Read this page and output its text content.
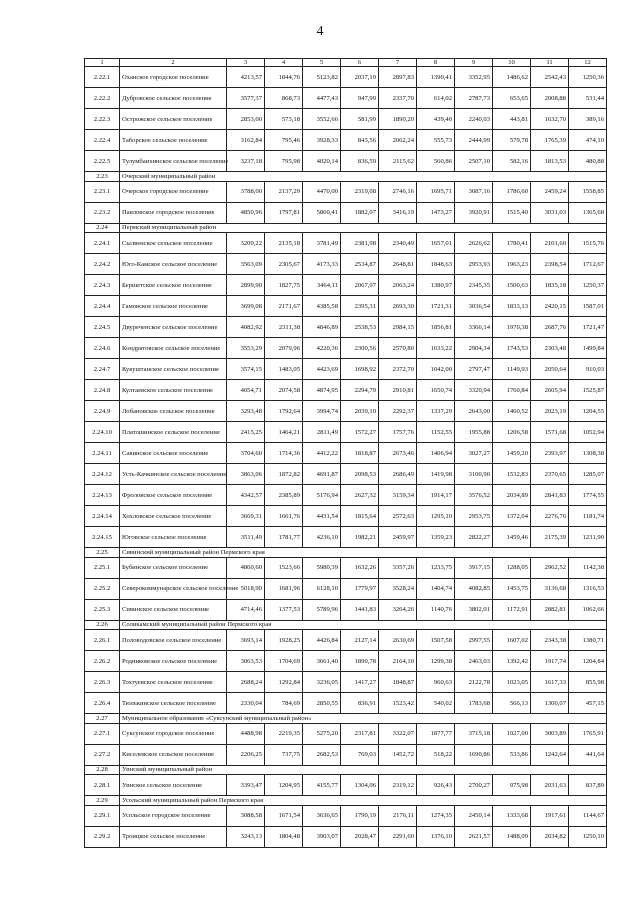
4
1	2	3	4	5	6	7	8	9	10	11	12
2.22.1	Оханское городское поселение	4213,57	1844,76	5123,82	2037,19	2897,83	1390,41	3352,95	1486,62	2542,43	1250,36
2.22.2	Дубровское сельское поселение	3577,37	868,73	4477,43	947,99	2337,70	614,02	2787,73	653,65	2008,88	531,44
2.22.3	Острожское сельское поселение	2853,00	573,18	3552,66	581,99	1890,20	439,40	2240,03	443,81	1632,70	389,16
2.22.4	Таборское сельское поселение	3162,84	795,46	3928,33	843,56	2062,24	555,73	2444,99	579,78	1765,39	474,10
2.22.5	Тулумбаихинское сельское поселение	3237,18	795,98	4020,14	836,59	2115,62	560,86	2507,10	582,16	1813,53	480,88
2.23	Очерский муниципальный район										
2.23.1	Очерское городское поселение	3788,00	2137,29	4470,00	2319,08	2746,16	1695,71	3087,16	1786,60	2459,24	1558,85
2.23.2	Павловское городское поселение	4850,96	1797,81	5860,41	1882,07	3416,19	1473,27	3920,91	1515,40	3031,03	1365,68
2.24	Пермский муниципальный район										
2.24.1	Сылвенское сельское поселение	3209,22	2135,18	3781,49	2381,98	2340,49	1657,01	2626,62	1780,41	2101,60	1515,76
2.24.2	Юго-Камское сельское поселение	3563,09	2305,67	4173,33	2534,87	2648,81	1848,63	2953,93	1963,23	2398,54	1712,67
2.24.3	Бершетское сельское поселение	2899,90	1827,75	3464,11	2067,07	2063,24	1380,97	2345,35	1500,63	1835,18	1250,37
2.24.4	Гамовское сельское поселение	3699,08	2171,67	4385,58	2395,31	2693,30	1721,31	3036,54	1833,13	2420,15	1587,01
2.24.5	Двуреченское сельское поселение	4082,92	2311,38	4846,89	2538,53	2984,15	1856,81	3366,14	1970,38	2687,76	1721,47
2.24.6	Кондратовское сельское поселение	3553,29	2079,96	4220,36	2300,56	2570,80	1633,22	2904,34	1743,53	2303,48	1499,84
2.24.7	Кукуштанское сельское поселение	3574,15	1483,05	4423,69	1698,92	2372,70	1042,00	2797,47	1149,93	2050,64	910,03
2.24.8	Култаевское сельское поселение	4054,71	2074,58	4874,95	2294,79	2910,81	1650,74	3320,94	1760,84	2605,94	1525,87
2.24.9	Лобановское сельское поселение	3293,48	1792,64	3994,74	2039,10	2292,37	1337,29	2643,00	1460,52	2023,19	1204,55
2.24.10	Платошинское сельское поселение	2415,25	1464,21	2811,49	1572,27	1757,76	1152,55	1955,88	1206,58	1571,68	1052,94
2.24.11	Савинское сельское поселение	3704,60	1714,36	4412,22	1818,87	2673,46	1406,94	3027,27	1459,20	2393,97	1308,38
2.24.12	Усть-Качкинское сельское поселение	3863,06	1872,82	4691,87	2098,53	2686,49	1419,98	3100,90	1532,83	2370,65	1285,07
2.24.13	Фроловское сельское поселение	4342,57	2385,89	5176,94	2627,32	3159,34	1914,17	3576,52	2034,89	2841,83	1774,55
2.24.14	Хохловское сельское поселение	3669,31	1661,76	4431,54	1815,64	2572,63	1295,10	2953,75	1372,04	2276,76	1181,74
2.24.15	Юговское сельское поселение	3511,49	1781,77	4236,10	1982,21	2459,97	1359,23	2822,27	1459,46	2175,39	1231,90
2.25	Сивинский муниципальный район Пермского края										
2.25.1	Бубинское сельское поселение	4860,60	1523,66	5980,39	1632,26	3357,26	1233,75	3917,15	1288,05	2962,52	1142,38
2.25.2	Северокоммунарское сельское поселение	5018,90	1681,96	6128,10	1779,97	3528,24	1404,74	4082,85	1453,75	3136,68	1316,53
2.25.3	Сивинское сельское поселение	4714,46	1377,53	5789,96	1441,83	3264,26	1140,76	3802,01	1172,91	2882,81	1062,66
2.26	Соликамский муниципальный район Пермского края										
2.26.1	Половодовское сельское поселение	3693,14	1928,25	4426,84	2127,14	2630,69	1507,58	2997,55	1607,02	2343,38	1380,71
2.26.2	Родниковское сельское поселение	3063,53	1704,69	3661,40	1890,78	2164,10	1299,38	2463,03	1392,42	1917,74	1204,84
2.26.3	Тохтуевское сельское поселение	2688,24	1292,84	3236,05	1417,27	1848,87	960,63	2122,78	1023,05	1617,33	855,98
2.26.4	Тюлькинское сельское поселение	2330,04	784,69	2850,55	836,91	1523,42	540,02	1783,68	566,13	1300,07	457,15
2.27	Муниципальное образование «Суксунский муниципальный район»										
2.27.1	Суксунское городское поселение	4488,98	2219,35	5275,20	2317,81	3322,07	1877,77	3715,18	1927,00	3003,89	1765,91
2.27.2	Киселевское сельское поселение	2206,25	737,75	2682,53	769,03	1452,72	518,22	1690,86	533,86	1242,64	441,64
2.28	Уинский муниципальный район										
2.28.1	Уинское сельское поселение	3393,47	1204,95	4155,77	1304,06	2319,12	926,43	2700,27	975,98	2031,63	837,89
2.29	Усольский муниципальный район Пермского края										
2.29.1	Усольское городское поселение	3088,58	1671,54	3636,65	1790,19	2176,11	1274,35	2450,14	1333,68	1917,61	1144,67
2.29.2	Троицкое сельское поселение	3243,13	1804,48	3903,07	2028,47	2291,60	1376,10	2621,57	1488,09	2034,82	1250,10
